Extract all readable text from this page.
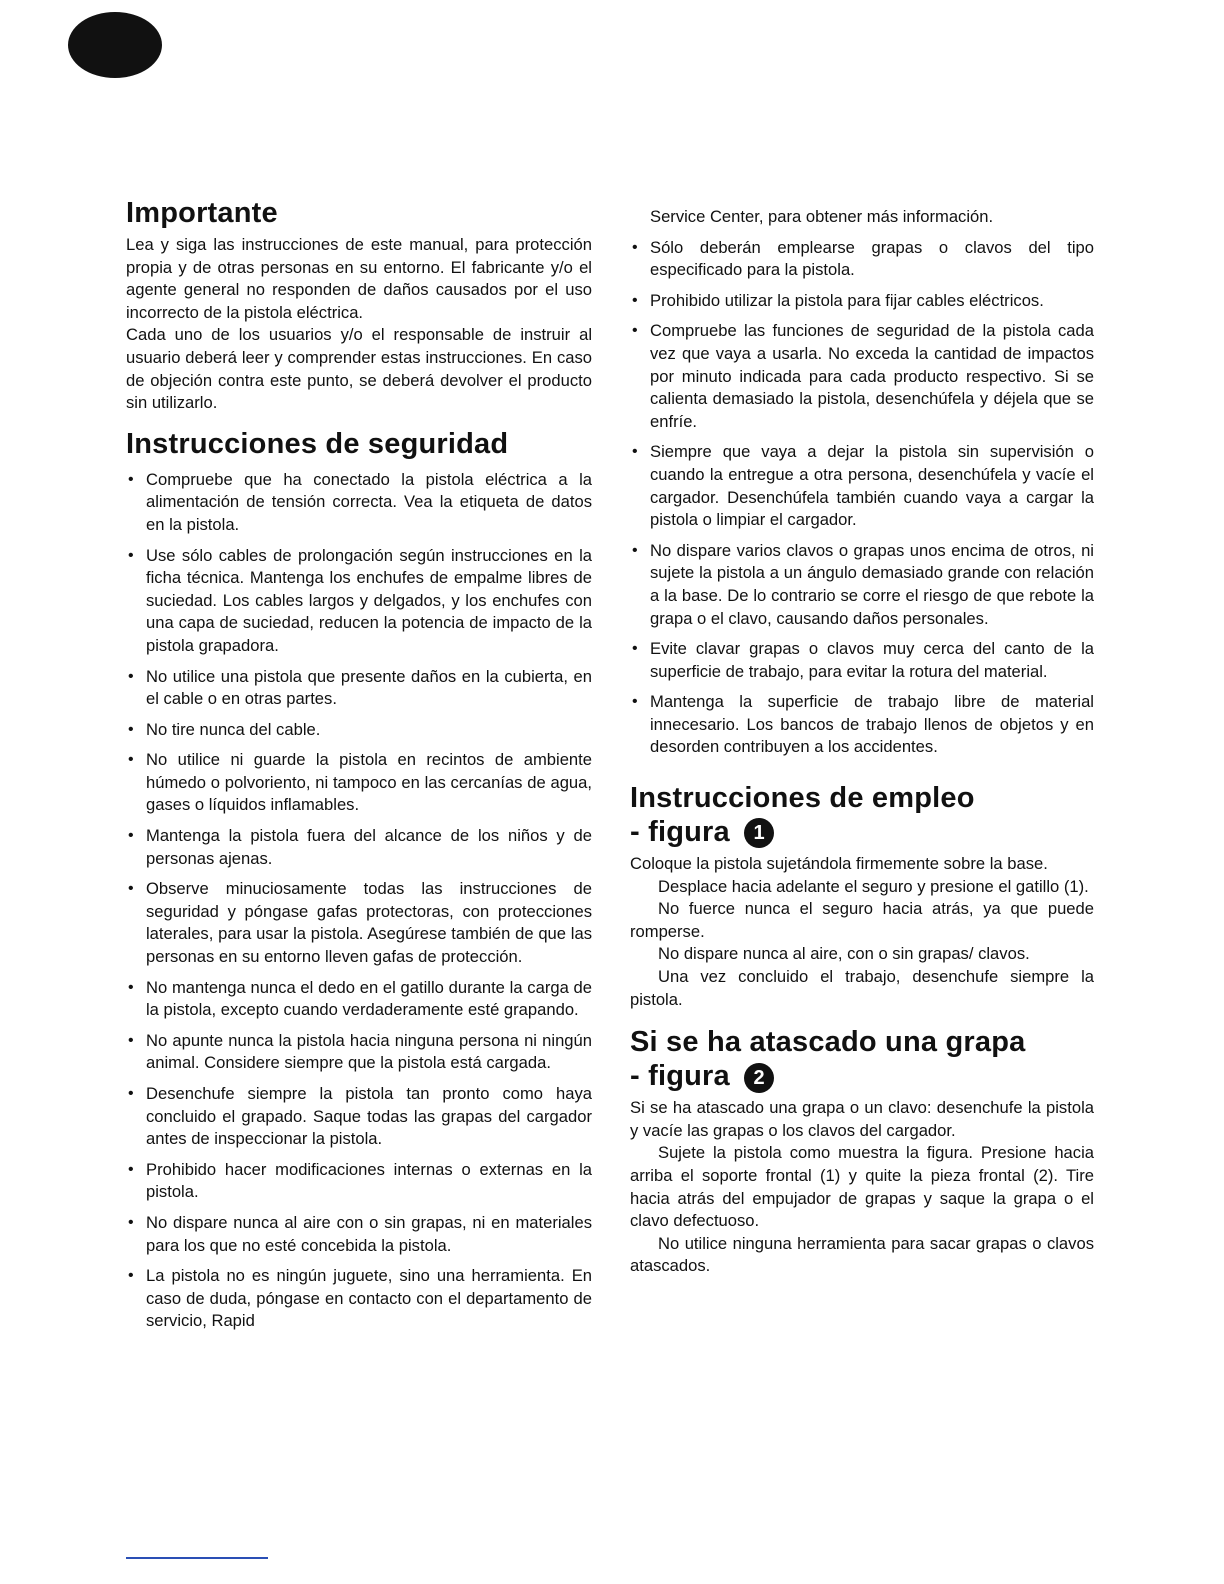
Importante

Lea y siga las instrucciones de este manual, para protección propia y de otras personas en su entorno. El fabricante y/o el agente general no responden de daños causados por el uso incorrecto de la pistola eléctrica.

Cada uno de los usuarios y/o el responsable de instruir al usuario deberá leer y comprender estas instrucciones. En caso de objeción contra este punto, se deberá devolver el producto sin utilizarlo.

Instrucciones de seguridad
• Compruebe que ha conectado la pistola eléctrica a la alimentación de tensión correcta. Vea la etiqueta de datos en la pistola.
• Use sólo cables de prolongación según instrucciones en la ficha técnica. Mantenga los enchufes de empalme libres de suciedad. Los cables largos y delgados, y los enchufes con una capa de suciedad, reducen la potencia de impacto de la pistola grapadora.
• No utilice una pistola que presente daños en la cubierta, en el cable o en otras partes.
• No tire nunca del cable.
• No utilice ni guarde la pistola en recintos de ambiente húmedo o polvoriento, ni tampoco en las cercanías de agua, gases o líquidos inflamables.
• Mantenga la pistola fuera del alcance de los niños y de personas ajenas.
• Observe minuciosamente todas las instrucciones de seguridad y póngase gafas protectoras, con protecciones laterales, para usar la pistola. Asegúrese también de que las personas en su entorno lleven gafas de protección.
• No mantenga nunca el dedo en el gatillo durante la carga de la pistola, excepto cuando verdaderamente esté grapando.
• No apunte nunca la pistola hacia ninguna persona ni ningún animal. Considere siempre que la pistola está cargada.
• Desenchufe siempre la pistola tan pronto como haya concluido el grapado. Saque todas las grapas del cargador antes de inspeccionar la pistola.
• Prohibido hacer modificaciones internas o externas en la pistola.
• No dispare nunca al aire con o sin grapas, ni en materiales para los que no esté concebida la pistola.
• La pistola no es ningún juguete, sino una herramienta. En caso de duda, póngase en contacto con el departamento de servicio, Rapid

Service Center, para obtener más información.

• Sólo deberán emplearse grapas o clavos del tipo especificado para la pistola.
• Prohibido utilizar la pistola para fijar cables eléctricos.
• Compruebe las funciones de seguridad de la pistola cada vez que vaya a usarla. No exceda la cantidad de impactos por minuto indicada para cada producto respectivo. Si se calienta demasiado la pistola, desenchúfela y déjela que se enfríe.
• Siempre que vaya a dejar la pistola sin supervisión o cuando la entregue a otra persona, desenchúfela y vacíe el cargador. Desenchúfela también cuando vaya a cargar la pistola o limpiar el cargador.
• No dispare varios clavos o grapas unos encima de otros, ni sujete la pistola a un ángulo demasiado grande con relación a la base. De lo contrario se corre el riesgo de que rebote la grapa o el clavo, causando daños personales.
• Evite clavar grapas o clavos muy cerca del canto de la superficie de trabajo, para evitar la rotura del material.
• Mantenga la superficie de trabajo libre de material innecesario. Los bancos de trabajo llenos de objetos y en desorden contribuyen a los accidentes.
Instrucciones de empleo
- figura 1

Coloque la pistola sujetándola firmemente sobre la base.

Desplace hacia adelante el seguro y presione el gatillo (1).

No fuerce nunca el seguro hacia atrás, ya que puede romperse.

No dispare nunca al aire, con o sin grapas/ clavos.

Una vez concluido el trabajo, desenchufe siempre la pistola.

Si se ha atascado una grapa
- figura 2

Si se ha atascado una grapa o un clavo: desenchufe la pistola y vacíe las grapas o los clavos del cargador.

Sujete la pistola como muestra la figura. Presione hacia arriba el soporte frontal (1) y quite la pieza frontal (2). Tire hacia atrás del empujador de grapas y saque la grapa o el clavo defectuoso.

No utilice ninguna herramienta para sacar grapas o clavos atascados.
